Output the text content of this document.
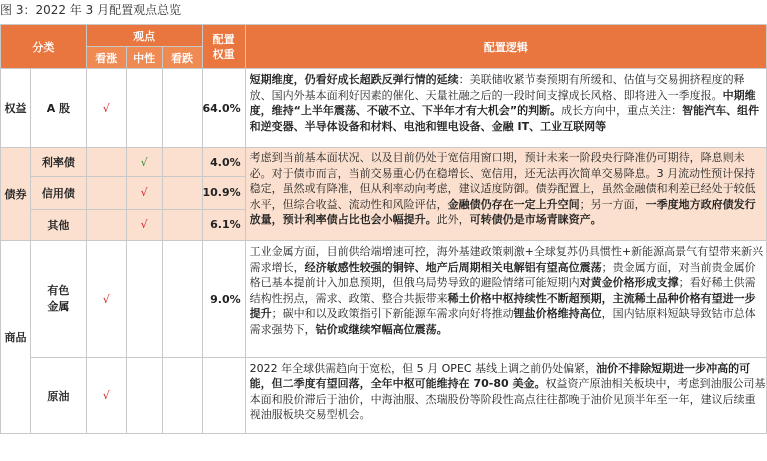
图 3：2022 年 3 月配置观点总览
分类		观点			配置权重	配置逻辑
		看涨	中性	看跌		
权益	A 股	√			64.0%	短期维度，仍看好成长超跌反弹行情的延续：美联储收紧节奏预期有所缓和、估值与交易拥挤程度的释放、国内外基本面利好因素的催化、天量社融之后的一段时间支撑成长风格、即将进入一季度报。中期维度，维持“上半年震荡、不破不立、下半年才有大机会”的判断。成长方向中，重点关注：智能汽车、组件和逆变器、半导体设备和材料、电池和锂电设备、金融 IT、工业互联网等

债券	利率债		√		4.0%	考虑到当前基本面状况、以及目前仍处于宽信用窗口期，预计未来一阶段央行降准仍可期待，降息则未必。对于债市而言，当前交易重心仍在稳增长、宽信用，还无法再次简单交易降息。3 月流动性预计保持稳定，虽然或有降准，但从利率动向考虑，建议适度防御。债券配置上，虽然金融债和利差已经处于较低水平，但综合收益、流动性和风险评估，金融债仍存在一定上升空间；另一方面，一季度地方政府债发行放量，预计利率债占比也会小幅提升。此外，可转债仍是市场青睐资产。

	信用债		√		10.9%	
	其他		√		6.1%	
商品	有色金属	√			9.0%	工业金属方面，目前供给端增速可控，海外基建政策刺激+全球复苏仍具惯性+新能源高景气有望带来新兴需求增长，经济敏感性较强的铜锌、地产后周期相关电解铝有望高位震荡；贵金属方面，对当前贵金属价格已基本提前计入加息预期，但俄乌局势导致的避险情绪可能短期内对黄金价格形成支撑；看好稀土供需结构性拐点，需求、政策、整合共振带来稀土价格中枢持续性不断超预期，主流稀土品种价格有望进一步提升；碳中和以及政策指引下新能源车需求向好将推动锂盐价格维持高位，国内钴原料短缺导致钴市总体需求强势下，钴价或继续窄幅高位震荡。

	原油	√				2022 年全球供需趋向于宽松，但 5 月 OPEC 基线上调之前仍处偏紧，油价不排除短期进一步冲高的可能，但二季度有望回落，全年中枢可能维持在 70-80 美金。权益资产原油相关板块中，考虑到油服公司基本面和股价滞后于油价，中海油服、杰瑞股份等阶段性高点往往都晚于油价见顶半年至一年，建议后续重视油服板块交易型机会。
